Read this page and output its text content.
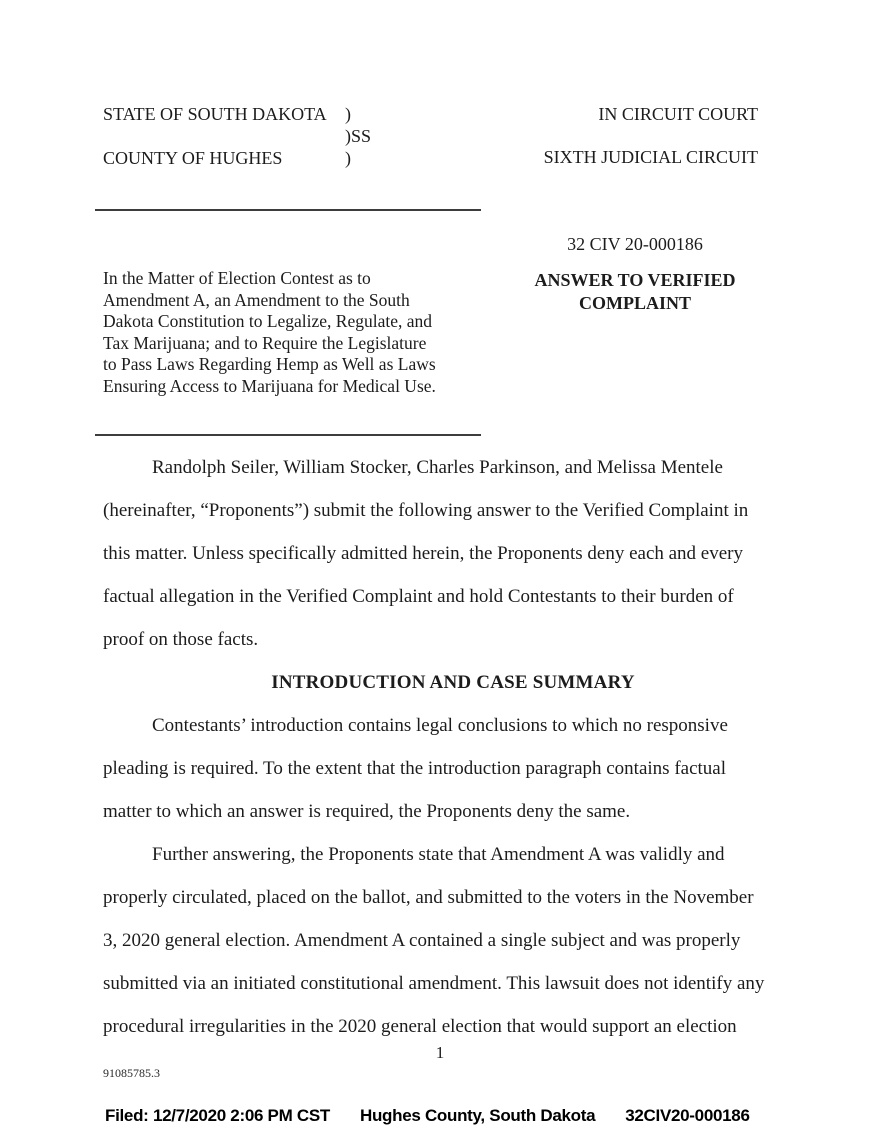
STATE OF SOUTH DAKOTA	)
)SS
COUNTY OF HUGHES	)
IN CIRCUIT COURT
SIXTH JUDICIAL CIRCUIT
32 CIV 20-000186
ANSWER TO VERIFIED
COMPLAINT
In the Matter of Election Contest as to
Amendment A, an Amendment to the South
Dakota Constitution to Legalize, Regulate, and
Tax Marijuana; and to Require the Legislature
to Pass Laws Regarding Hemp as Well as Laws
Ensuring Access to Marijuana for Medical Use.
Randolph Seiler, William Stocker, Charles Parkinson, and Melissa Mentele
(hereinafter, “Proponents”) submit the following answer to the Verified Complaint in
this matter. Unless specifically admitted herein, the Proponents deny each and every
factual allegation in the Verified Complaint and hold Contestants to their burden of
proof on those facts.
INTRODUCTION AND CASE SUMMARY
Contestants’ introduction contains legal conclusions to which no responsive
pleading is required. To the extent that the introduction paragraph contains factual
matter to which an answer is required, the Proponents deny the same.
Further answering, the Proponents state that Amendment A was validly and
properly circulated, placed on the ballot, and submitted to the voters in the November
3, 2020 general election. Amendment A contained a single subject and was properly
submitted via an initiated constitutional amendment. This lawsuit does not identify any
procedural irregularities in the 2020 general election that would support an election
1
91085785.3
Filed: 12/7/2020 2:06 PM CST Hughes County, South Dakota 32CIV20-000186
